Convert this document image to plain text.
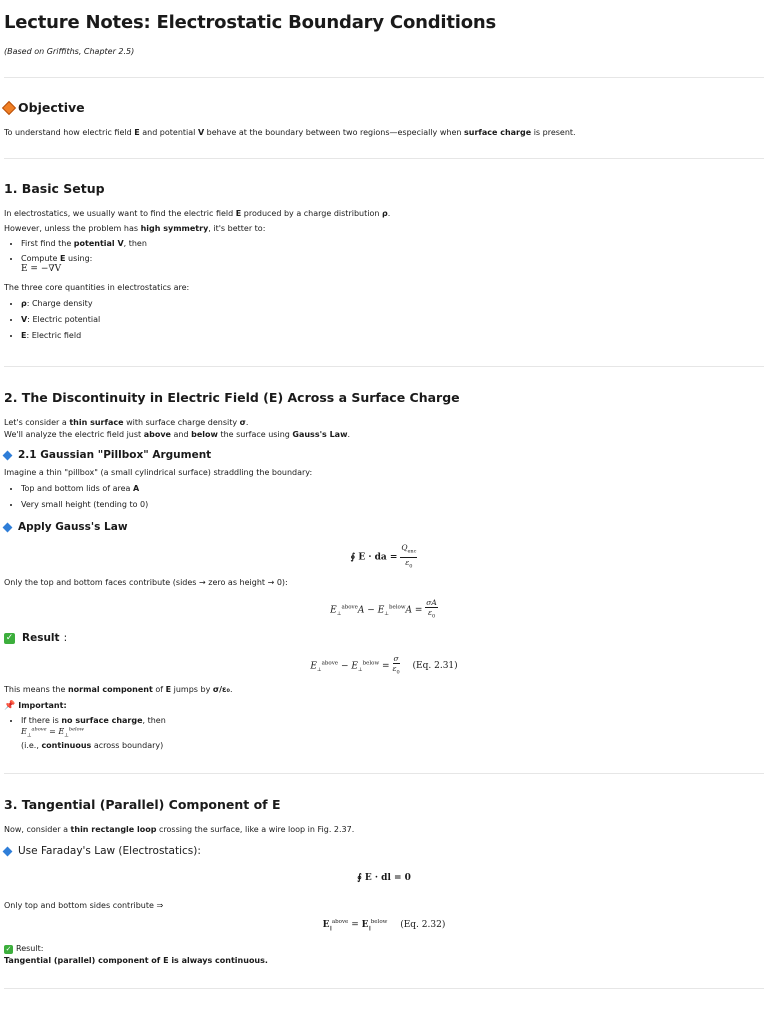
Lecture Notes: Electrostatic Boundary Conditions
(Based on Griffiths, Chapter 2.5)
Objective

To understand how electric field E and potential V behave at the boundary between two regions—especially when surface charge is present.

1. Basic Setup

In electrostatics, we usually want to find the electric field E produced by a charge distribution ρ.

However, unless the problem has high symmetry, it's better to:

• First find the potential V, then
• Compute E using:
E = −∇V

The three core quantities in electrostatics are:

• ρ: Charge density
• V: Electric potential
• E: Electric field
2. The Discontinuity in Electric Field (E) Across a Surface Charge

Let's consider a thin surface with surface charge density σ.

We'll analyze the electric field just above and below the surface using Gauss's Law.

2.1 Gaussian "Pillbox" Argument

Imagine a thin "pillbox" (a small cylindrical surface) straddling the boundary:

• Top and bottom lids of area A
• Very small height (tending to 0)
Apply Gauss's Law
∮ E · da = $\frac{Q_{enc}}{\varepsilon_0}$

Only the top and bottom faces contribute (sides → zero as height → 0):

$E_\perp^{above}A - E_\perp^{below}A = \frac{\sigma A}{\varepsilon_0}$
✓ Result :
$E_\perp^{above} - E_\perp^{below} = \frac{\sigma}{\varepsilon_0} (Eq$. 2.31)

This means the normal component of E jumps by σ/ε₀.

📌 Important:

• If there is no surface charge, then
$E_\perp^{above} = E_\perp^{below}$
(i.e., continuous across boundary)
3. Tangential (Parallel) Component of E

Now, consider a thin rectangle loop crossing the surface, like a wire loop in Fig. 2.37.

Use Faraday's Law (Electrostatics):
∮ E · dl = 0

Only top and bottom sides contribute ⇒

$E_\parallel^{above} = E_\parallel^{below}$ (Eq. 2.32)

✓ Result:

Tangential (parallel) component of E is always continuous.
